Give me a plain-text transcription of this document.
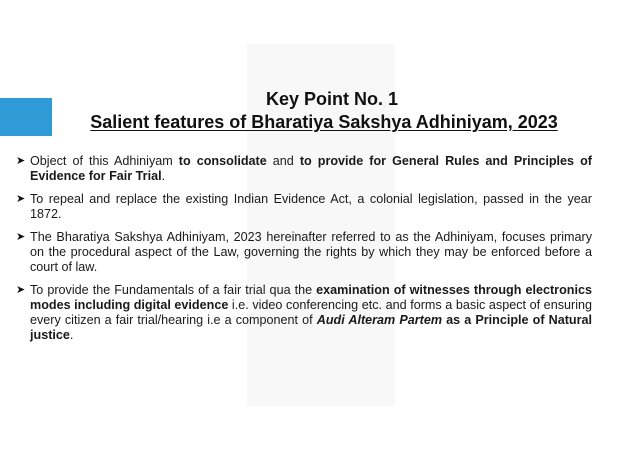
Key Point No. 1
Salient features of Bharatiya Sakshya Adhiniyam, 2023
➤ Object of this Adhiniyam to consolidate and to provide for General Rules and Principles of Evidence for Fair Trial.
➤ To repeal and replace the existing Indian Evidence Act, a colonial legislation, passed in the year 1872.
➤ The Bharatiya Sakshya Adhiniyam, 2023 hereinafter referred to as the Adhiniyam, focuses primary on the procedural aspect of the Law, governing the rights by which they may be enforced before a court of law.
➤ To provide the Fundamentals of a fair trial qua the examination of witnesses through electronics modes including digital evidence i.e. video conferencing etc. and forms a basic aspect of ensuring every citizen a fair trial/hearing i.e a component of Audi Alteram Partem as a Principle of Natural justice.
